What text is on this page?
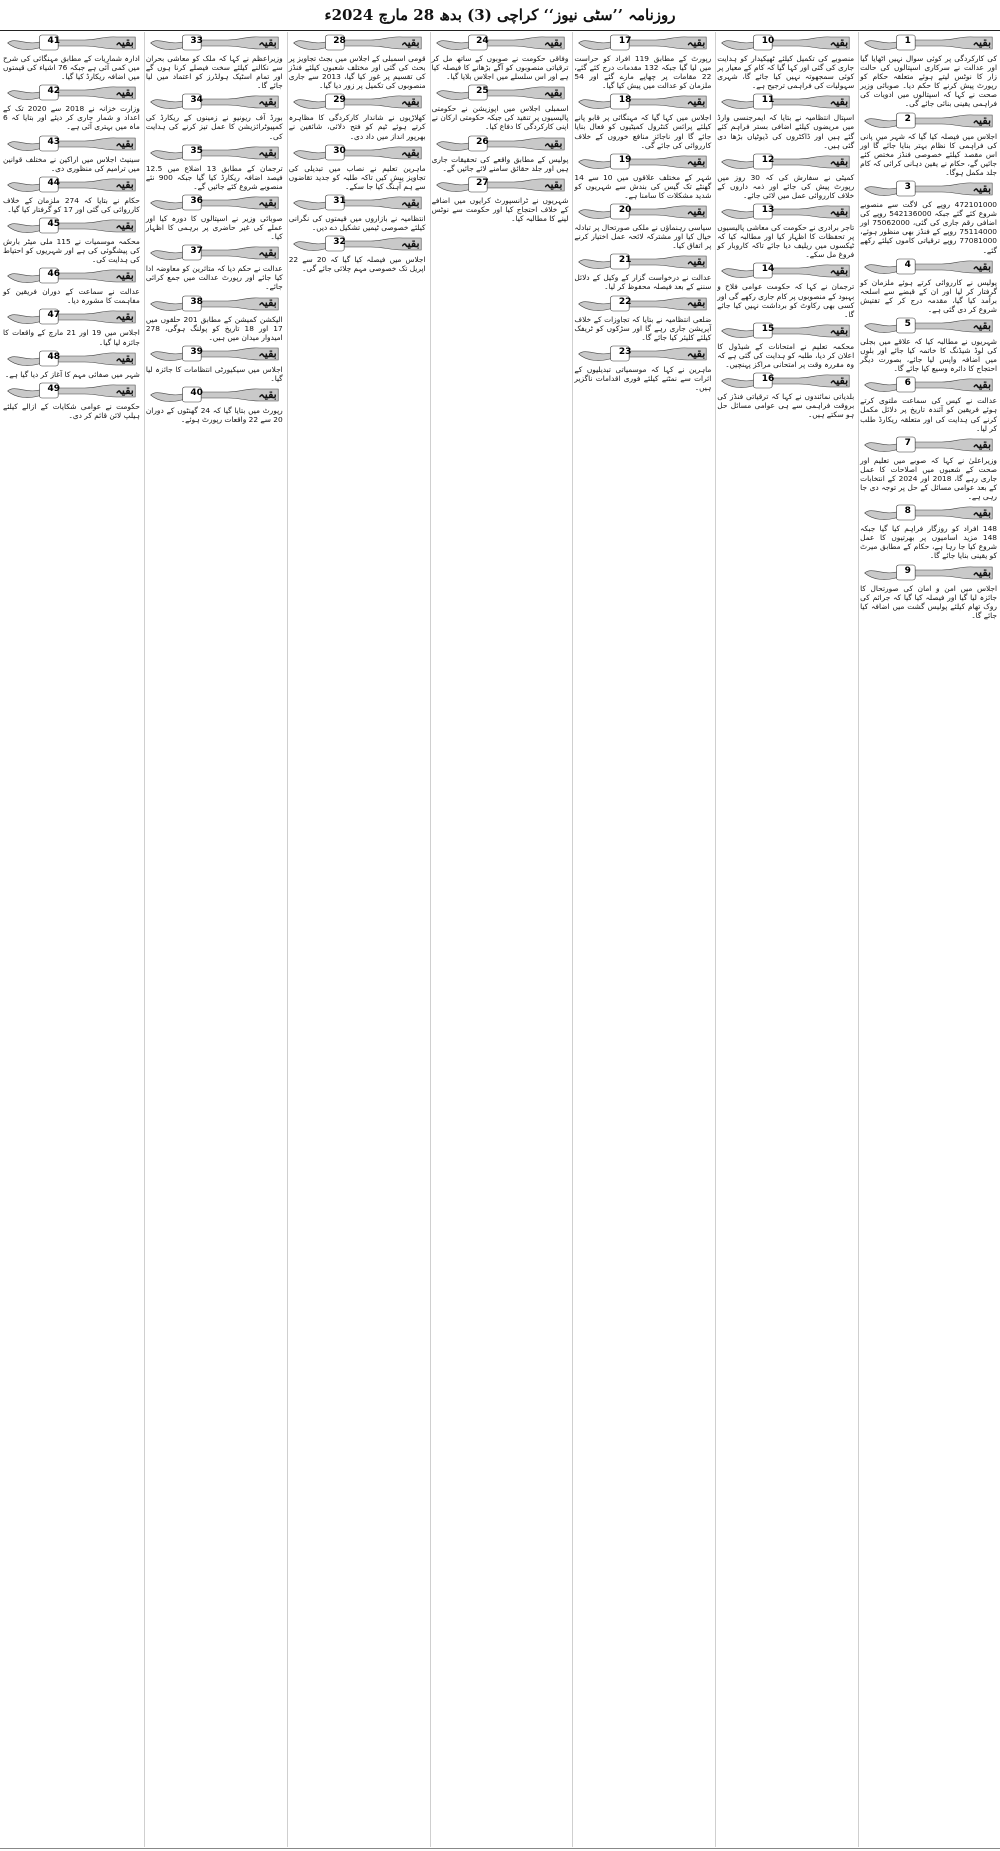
روزنامہ ’’سٹی نیوز‘‘ کراچی (3) بدھ 28 مارچ 2024ء
بقیہ
1

کی کارکردگی پر کوئی سوال نہیں اٹھایا گیا اور عدالت نے سرکاری اسپتالوں کی حالت زار کا نوٹس لیتے ہوئے متعلقہ حکام کو رپورٹ پیش کرنے کا حکم دیا۔ صوبائی وزیر صحت نے کہا کہ اسپتالوں میں ادویات کی فراہمی یقینی بنائی جائے گی۔

بقیہ
2

اجلاس میں فیصلہ کیا گیا کہ شہر میں پانی کی فراہمی کا نظام بہتر بنایا جائے گا اور اس مقصد کیلئے خصوصی فنڈز مختص کئے جائیں گے، حکام نے یقین دہانی کرائی کہ کام جلد مکمل ہوگا۔

بقیہ
3

472101000 روپے کی لاگت سے منصوبے شروع کئے گئے جبکہ 542136000 روپے کی اضافی رقم جاری کی گئی، 75062000 اور 75114000 روپے کے فنڈز بھی منظور ہوئے، 77081000 روپے ترقیاتی کاموں کیلئے رکھے گئے۔

بقیہ
4

پولیس نے کارروائی کرتے ہوئے ملزمان کو گرفتار کر لیا اور ان کے قبضے سے اسلحہ برآمد کیا گیا، مقدمہ درج کر کے تفتیش شروع کر دی گئی ہے۔

بقیہ
5

شہریوں نے مطالبہ کیا کہ علاقے میں بجلی کی لوڈ شیڈنگ کا خاتمہ کیا جائے اور بلوں میں اضافہ واپس لیا جائے، بصورت دیگر احتجاج کا دائرہ وسیع کیا جائے گا۔

بقیہ
6

عدالت نے کیس کی سماعت ملتوی کرتے ہوئے فریقین کو آئندہ تاریخ پر دلائل مکمل کرنے کی ہدایت کی اور متعلقہ ریکارڈ طلب کر لیا۔

بقیہ
7

وزیراعلیٰ نے کہا کہ صوبے میں تعلیم اور صحت کے شعبوں میں اصلاحات کا عمل جاری رہے گا، 2018 اور 2024 کے انتخابات کے بعد عوامی مسائل کے حل پر توجہ دی جا رہی ہے۔

بقیہ
8

148 افراد کو روزگار فراہم کیا گیا جبکہ 148 مزید اسامیوں پر بھرتیوں کا عمل شروع کیا جا رہا ہے، حکام کے مطابق میرٹ کو یقینی بنایا جائے گا۔

بقیہ
9

اجلاس میں امن و امان کی صورتحال کا جائزہ لیا گیا اور فیصلہ کیا گیا کہ جرائم کی روک تھام کیلئے پولیس گشت میں اضافہ کیا جائے گا۔

بقیہ
10

منصوبے کی تکمیل کیلئے ٹھیکیدار کو ہدایت جاری کی گئی اور کہا گیا کہ کام کے معیار پر کوئی سمجھوتہ نہیں کیا جائے گا، شہری سہولیات کی فراہمی ترجیح ہے۔

بقیہ
11

اسپتال انتظامیہ نے بتایا کہ ایمرجنسی وارڈ میں مریضوں کیلئے اضافی بستر فراہم کئے گئے ہیں اور ڈاکٹروں کی ڈیوٹیاں بڑھا دی گئی ہیں۔

بقیہ
12

کمیٹی نے سفارش کی کہ 30 روز میں رپورٹ پیش کی جائے اور ذمہ داروں کے خلاف کارروائی عمل میں لائی جائے۔

بقیہ
13

تاجر برادری نے حکومت کی معاشی پالیسیوں پر تحفظات کا اظہار کیا اور مطالبہ کیا کہ ٹیکسوں میں ریلیف دیا جائے تاکہ کاروبار کو فروغ مل سکے۔

بقیہ
14

ترجمان نے کہا کہ حکومت عوامی فلاح و بہبود کے منصوبوں پر کام جاری رکھے گی اور کسی بھی رکاوٹ کو برداشت نہیں کیا جائے گا۔

بقیہ
15

محکمہ تعلیم نے امتحانات کے شیڈول کا اعلان کر دیا، طلبہ کو ہدایت کی گئی ہے کہ وہ مقررہ وقت پر امتحانی مراکز پہنچیں۔

بقیہ
16

بلدیاتی نمائندوں نے کہا کہ ترقیاتی فنڈز کی بروقت فراہمی سے ہی عوامی مسائل حل ہو سکتے ہیں۔

بقیہ
17

رپورٹ کے مطابق 119 افراد کو حراست میں لیا گیا جبکہ 132 مقدمات درج کئے گئے، 22 مقامات پر چھاپے مارے گئے اور 54 ملزمان کو عدالت میں پیش کیا گیا۔

بقیہ
18

اجلاس میں کہا گیا کہ مہنگائی پر قابو پانے کیلئے پرائس کنٹرول کمیٹیوں کو فعال بنایا جائے گا اور ناجائز منافع خوروں کے خلاف کارروائی کی جائے گی۔

بقیہ
19

شہر کے مختلف علاقوں میں 10 سے 14 گھنٹے تک گیس کی بندش سے شہریوں کو شدید مشکلات کا سامنا ہے۔

بقیہ
20

سیاسی رہنماؤں نے ملکی صورتحال پر تبادلہ خیال کیا اور مشترکہ لائحہ عمل اختیار کرنے پر اتفاق کیا۔

بقیہ
21

عدالت نے درخواست گزار کے وکیل کے دلائل سننے کے بعد فیصلہ محفوظ کر لیا۔

بقیہ
22

ضلعی انتظامیہ نے بتایا کہ تجاوزات کے خلاف آپریشن جاری رہے گا اور سڑکوں کو ٹریفک کیلئے کلیئر کیا جائے گا۔

بقیہ
23

ماہرین نے کہا کہ موسمیاتی تبدیلیوں کے اثرات سے نمٹنے کیلئے فوری اقدامات ناگزیر ہیں۔

بقیہ
24

وفاقی حکومت نے صوبوں کے ساتھ مل کر ترقیاتی منصوبوں کو آگے بڑھانے کا فیصلہ کیا ہے اور اس سلسلے میں اجلاس بلایا گیا۔

بقیہ
25

اسمبلی اجلاس میں اپوزیشن نے حکومتی پالیسیوں پر تنقید کی جبکہ حکومتی ارکان نے اپنی کارکردگی کا دفاع کیا۔

بقیہ
26

پولیس کے مطابق واقعے کی تحقیقات جاری ہیں اور جلد حقائق سامنے لائے جائیں گے۔

بقیہ
27

شہریوں نے ٹرانسپورٹ کرایوں میں اضافے کے خلاف احتجاج کیا اور حکومت سے نوٹس لینے کا مطالبہ کیا۔

بقیہ
28

قومی اسمبلی کے اجلاس میں بجٹ تجاویز پر بحث کی گئی اور مختلف شعبوں کیلئے فنڈز کی تقسیم پر غور کیا گیا، 2013 سے جاری منصوبوں کی تکمیل پر زور دیا گیا۔

بقیہ
29

کھلاڑیوں نے شاندار کارکردگی کا مظاہرہ کرتے ہوئے ٹیم کو فتح دلائی، شائقین نے بھرپور انداز میں داد دی۔

بقیہ
30

ماہرین تعلیم نے نصاب میں تبدیلی کی تجاویز پیش کیں تاکہ طلبہ کو جدید تقاضوں سے ہم آہنگ کیا جا سکے۔

بقیہ
31

انتظامیہ نے بازاروں میں قیمتوں کی نگرانی کیلئے خصوصی ٹیمیں تشکیل دے دیں۔

بقیہ
32

اجلاس میں فیصلہ کیا گیا کہ 20 سے 22 اپریل تک خصوصی مہم چلائی جائے گی۔

بقیہ
33

وزیراعظم نے کہا کہ ملک کو معاشی بحران سے نکالنے کیلئے سخت فیصلے کرنا ہوں گے اور تمام اسٹیک ہولڈرز کو اعتماد میں لیا جائے گا۔

بقیہ
34

بورڈ آف ریونیو نے زمینوں کے ریکارڈ کی کمپیوٹرائزیشن کا عمل تیز کرنے کی ہدایت کی۔

بقیہ
35

ترجمان کے مطابق 13 اضلاع میں 12.5 فیصد اضافہ ریکارڈ کیا گیا جبکہ 900 نئے منصوبے شروع کئے جائیں گے۔

بقیہ
36

صوبائی وزیر نے اسپتالوں کا دورہ کیا اور عملے کی غیر حاضری پر برہمی کا اظہار کیا۔

بقیہ
37

عدالت نے حکم دیا کہ متاثرین کو معاوضہ ادا کیا جائے اور رپورٹ عدالت میں جمع کرائی جائے۔

بقیہ
38

الیکشن کمیشن کے مطابق 201 حلقوں میں 17 اور 18 تاریخ کو پولنگ ہوگی، 278 امیدوار میدان میں ہیں۔

بقیہ
39

اجلاس میں سیکیورٹی انتظامات کا جائزہ لیا گیا۔

بقیہ
40

رپورٹ میں بتایا گیا کہ 24 گھنٹوں کے دوران 20 سے 22 واقعات رپورٹ ہوئے۔

بقیہ
41

ادارہ شماریات کے مطابق مہنگائی کی شرح میں کمی آئی ہے جبکہ 76 اشیاء کی قیمتوں میں اضافہ ریکارڈ کیا گیا۔

بقیہ
42

وزارت خزانہ نے 2018 سے 2020 تک کے اعداد و شمار جاری کر دیئے اور بتایا کہ 6 ماہ میں بہتری آئی ہے۔

بقیہ
43

سینیٹ اجلاس میں اراکین نے مختلف قوانین میں ترامیم کی منظوری دی۔

بقیہ
44

حکام نے بتایا کہ 274 ملزمان کے خلاف کارروائی کی گئی اور 17 کو گرفتار کیا گیا۔

بقیہ
45

محکمہ موسمیات نے 115 ملی میٹر بارش کی پیشگوئی کی ہے اور شہریوں کو احتیاط کی ہدایت کی۔

بقیہ
46

عدالت نے سماعت کے دوران فریقین کو مفاہمت کا مشورہ دیا۔

بقیہ
47

اجلاس میں 19 اور 21 مارچ کے واقعات کا جائزہ لیا گیا۔

بقیہ
48

شہر میں صفائی مہم کا آغاز کر دیا گیا ہے۔

بقیہ
49

حکومت نے عوامی شکایات کے ازالے کیلئے ہیلپ لائن قائم کر دی۔
